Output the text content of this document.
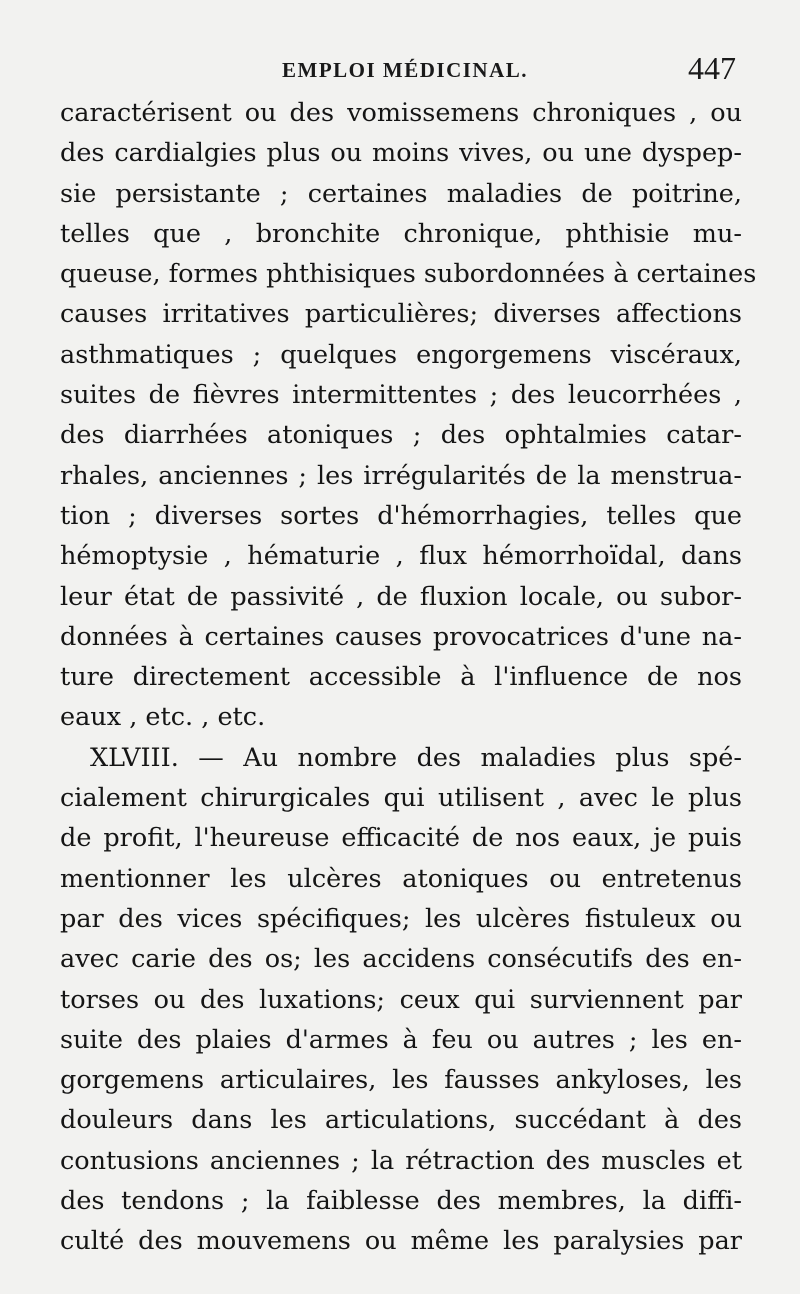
EMPLOI MÉDICINAL.	447
caractérisent ou des vomissemens chroniques , ou
des cardialgies plus ou moins vives, ou une dyspep-
sie persistante ; certaines maladies de poitrine,
telles que , bronchite chronique, phthisie mu-
queuse, formes phthisiques subordonnées à certaines
causes irritatives particulières; diverses affections
asthmatiques ; quelques engorgemens viscéraux,
suites de fièvres intermittentes ; des leucorrhées ,
des diarrhées atoniques ; des ophtalmies catar-
rhales, anciennes ; les irrégularités de la menstrua-
tion ; diverses sortes d'hémorrhagies, telles que
hémoptysie , hématurie , flux hémorrhoïdal, dans
leur état de passivité , de fluxion locale, ou subor-
données à certaines causes provocatrices d'une na-
ture directement accessible à l'influence de nos
eaux , etc. , etc.
XLVIII. — Au nombre des maladies plus spé-
cialement chirurgicales qui utilisent , avec le plus
de profit, l'heureuse efficacité de nos eaux, je puis
mentionner les ulcères atoniques ou entretenus
par des vices spécifiques; les ulcères fistuleux ou
avec carie des os; les accidens consécutifs des en-
torses ou des luxations; ceux qui surviennent par
suite des plaies d'armes à feu ou autres ; les en-
gorgemens articulaires, les fausses ankyloses, les
douleurs dans les articulations, succédant à des
contusions anciennes ; la rétraction des muscles et
des tendons ; la faiblesse des membres, la diffi-
culté des mouvemens ou même les paralysies par
